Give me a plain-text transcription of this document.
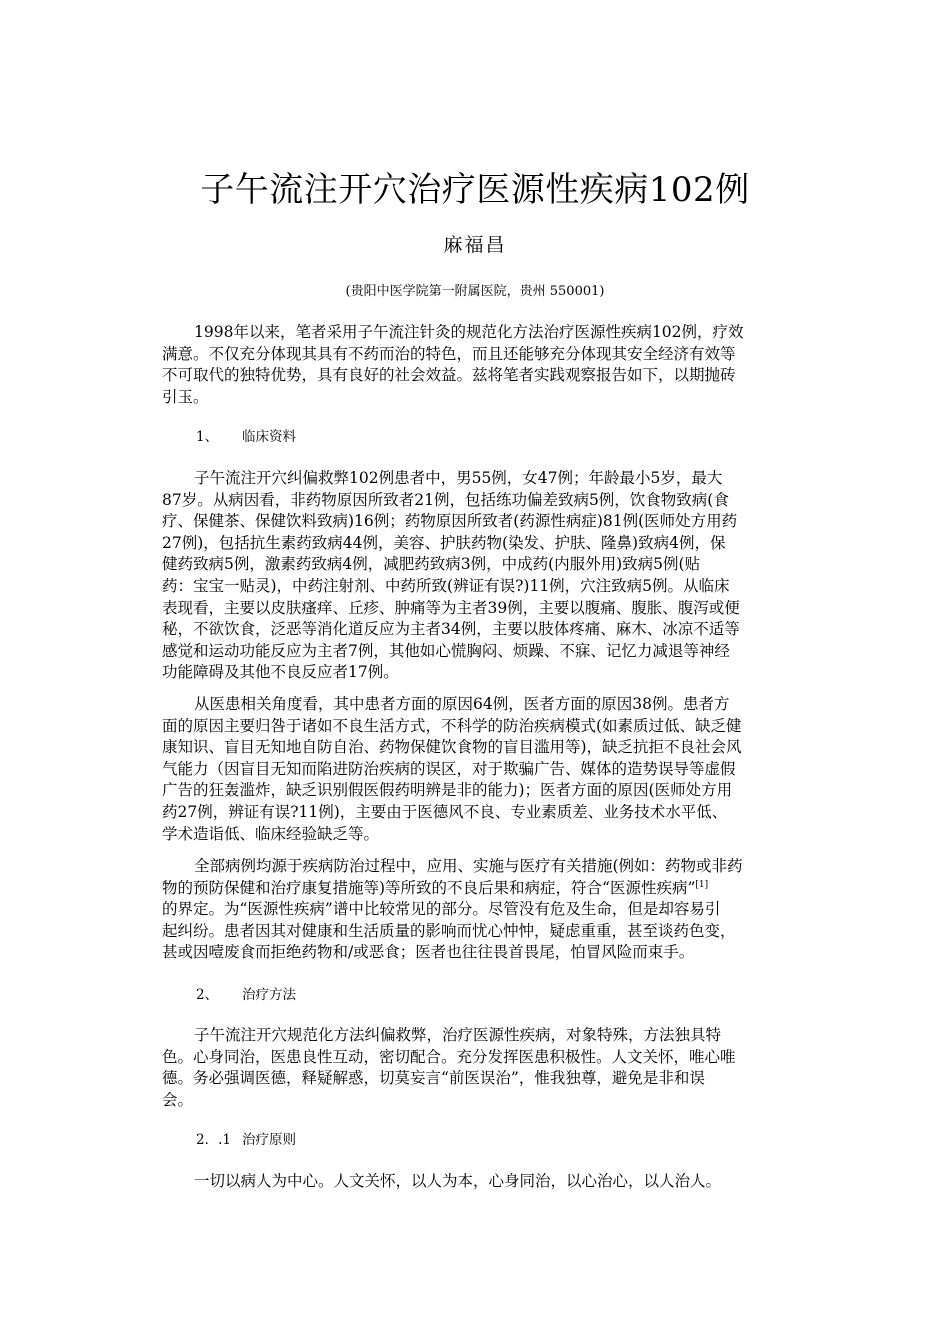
子午流注开穴治疗医源性疾病102例
麻福昌
(贵阳中医学院第一附属医院，贵州 550001)
1998年以来，笔者采用子午流注针灸的规范化方法治疗医源性疾病102例，疗效
满意。不仅充分体现其具有不药而治的特色，而且还能够充分体现其安全经济有效等
不可取代的独特优势，具有良好的社会效益。兹将笔者实践观察报告如下，以期抛砖
引玉。
1、 临床资料
子午流注开穴纠偏救弊102例患者中，男55例，女47例；年龄最小5岁，最大
87岁。从病因看，非药物原因所致者21例，包括练功偏差致病5例，饮食物致病(食
疗、保健茶、保健饮料致病)16例；药物原因所致者(药源性病症)81例(医师处方用药
27例)，包括抗生素药致病44例，美容、护肤药物(染发、护肤、隆鼻)致病4例，保
健药致病5例，激素药致病4例，减肥药致病3例，中成药(内服外用)致病5例(贴
药：宝宝一贴灵)，中药注射剂、中药所致(辨证有误?)11例，穴注致病5例。从临床
表现看，主要以皮肤瘙痒、丘疹、肿痛等为主者39例，主要以腹痛、腹胀、腹泻或便
秘，不欲饮食，泛恶等消化道反应为主者34例，主要以肢体疼痛、麻木、冰凉不适等
感觉和运动功能反应为主者7例，其他如心慌胸闷、烦躁、不寐、记忆力减退等神经
功能障碍及其他不良反应者17例。
从医患相关角度看，其中患者方面的原因64例，医者方面的原因38例。患者方
面的原因主要归咎于诸如不良生活方式，不科学的防治疾病模式(如素质过低、缺乏健
康知识、盲目无知地自防自治、药物保健饮食物的盲目滥用等)，缺乏抗拒不良社会风
气能力（因盲目无知而陷进防治疾病的误区，对于欺骗广告、媒体的造势误导等虚假
广告的狂轰滥炸，缺乏识别假医假药明辨是非的能力)；医者方面的原因(医师处方用
药27例，辨证有误?11例)，主要由于医德风不良、专业素质差、业务技术水平低、
学术造诣低、临床经验缺乏等。
全部病例均源于疾病防治过程中，应用、实施与医疗有关措施(例如：药物或非药
物的预防保健和治疗康复措施等)等所致的不良后果和病症，符合“医源性疾病”[1]
的界定。为“医源性疾病”谱中比较常见的部分。尽管没有危及生命，但是却容易引
起纠纷。患者因其对健康和生活质量的影响而忧心忡忡，疑虑重重，甚至谈药色变，
甚或因噎废食而拒绝药物和/或恶食；医者也往往畏首畏尾，怕冒风险而束手。
2、 治疗方法
子午流注开穴规范化方法纠偏救弊，治疗医源性疾病，对象特殊，方法独具特
色。心身同治，医患良性互动，密切配合。充分发挥医患积极性。人文关怀，唯心唯
德。务必强调医德，释疑解惑，切莫妄言“前医误治”，惟我独尊，避免是非和误
会。
2．.1 治疗原则
一切以病人为中心。人文关怀，以人为本，心身同治，以心治心，以人治人。
